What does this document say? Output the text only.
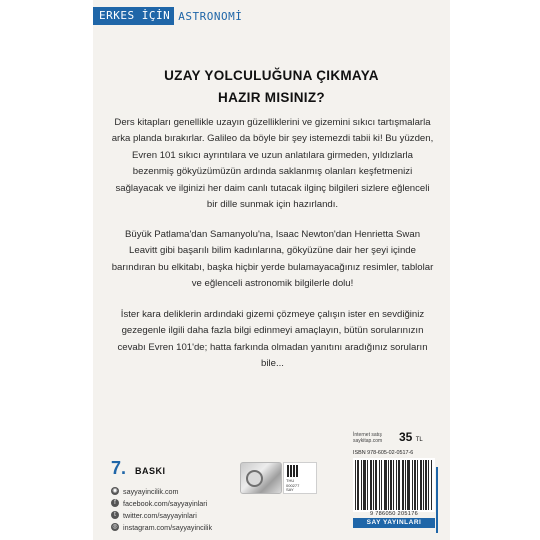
ERKES İÇİN ASTRONOMİ
UZAY YOLCULUĞUNA ÇIKMAYA
HAZIR MISINIZ?

Ders kitapları genellikle uzayın güzelliklerini ve gizemini sıkıcı tartışmalarla arka planda bırakırlar. Galileo da böyle bir şey istemezdi tabii ki! Bu yüzden, Evren 101 sıkıcı ayrıntılara ve uzun anlatılara girmeden, yıldızlarla bezenmiş gökyüzümüzün ardında saklanmış olanları keşfetmenizi sağlayacak ve ilginizi her daim canlı tutacak ilginç bilgileri sizlere eğlenceli bir dille sunmak için hazırlandı.

Büyük Patlama'dan Samanyolu'na, Isaac Newton'dan Henrietta Swan Leavitt gibi başarılı bilim kadınlarına, gökyüzüne dair her şeyi içinde barındıran bu elkitabı, başka hiçbir yerde bulamayacağınız resimler, tablolar ve eğlenceli astronomik bilgilerle dolu!

İster kara deliklerin ardındaki gizemi çözmeye çalışın ister en sevdiğiniz gezegenle ilgili daha fazla bilgi edinmeyi amaçlayın, bütün sorularınızın cevabı Evren 101'de; hatta farkında olmadan yanıtını aradığınız soruların bile...

7. BASKI
◉ sayyayincilik.com
f facebook.com/sayyayinlari
t twitter.com/sayyayinlari
◎ instagram.com/sayyayincilik
THU
000277
SAY
İnternet satış
saykitap.com 35 TL
ISBN 978-605-02-0517-6
9 786050 205176
SAY YAYINLARI
